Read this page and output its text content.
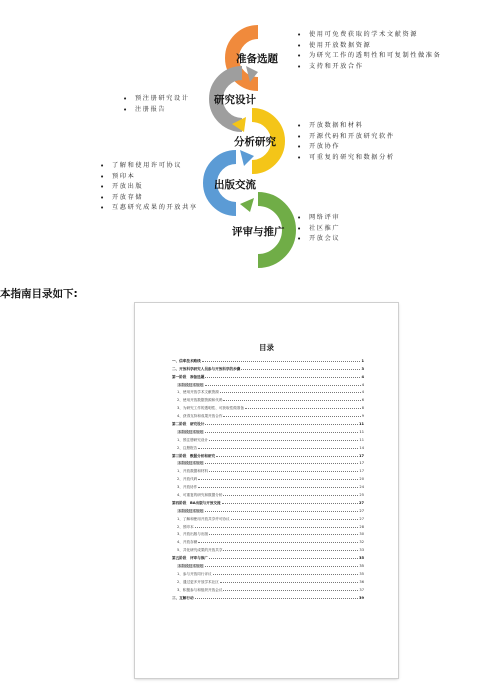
准备选题
研究设计
分析研究
出版交流
评审与推广
• 使用可免费获取的学术文献资源
• 使用开放数据资源
• 为研究工作的透明性和可复制性做准备
• 支持和开放合作
• 预注册研究设计
• 注册报告
• 开放数据和材料
• 开源代码和开放研究软件
• 开放协作
• 可重复的研究和数据分析
• 了解和使用许可协议
• 预印本
• 开放出版
• 开放存储
• 互惠研究成果的开放共享
• 网络评审
• 社区推广
• 开放会议
本指南目录如下:
目录
一、信率技术路线	1
二、开放科学研究人员参与开放科学的步骤	3
第一阶段　准备选题	4
本阶段技术规划	4
1、使用开放学术文献资源	4
2、使用开放数据资源和代码	6
3、为研究工作的透明性、可获取性做准备	8
4、获得支持和成果开放合作	9
第二阶段　研究设计	11
本阶段技术规划	11
1、预注册研究设计	11
2、注册报告	14
第三阶段　数据分析和研究	17
本阶段技术规划	17
1、开放数据和材料	17
2、开放代码	20
3、开放协作	24
4、可重复的研究和数据分析	25
第四阶段　BA出版与开放交流	27
本阶段技术规划	27
1、了解和使用开放共享许可协议	27
2、预印本	28
3、开放出版与出版	30
4、开放存储	32
5、共化研究成果的开放共享	33
第五阶段　评审与推广	35
本阶段技术规划	35
1、参与开放同行评议	35
2、通过更多开放学术社区	36
3、积极参与和组织开放会议	37
三、互解行动	39
